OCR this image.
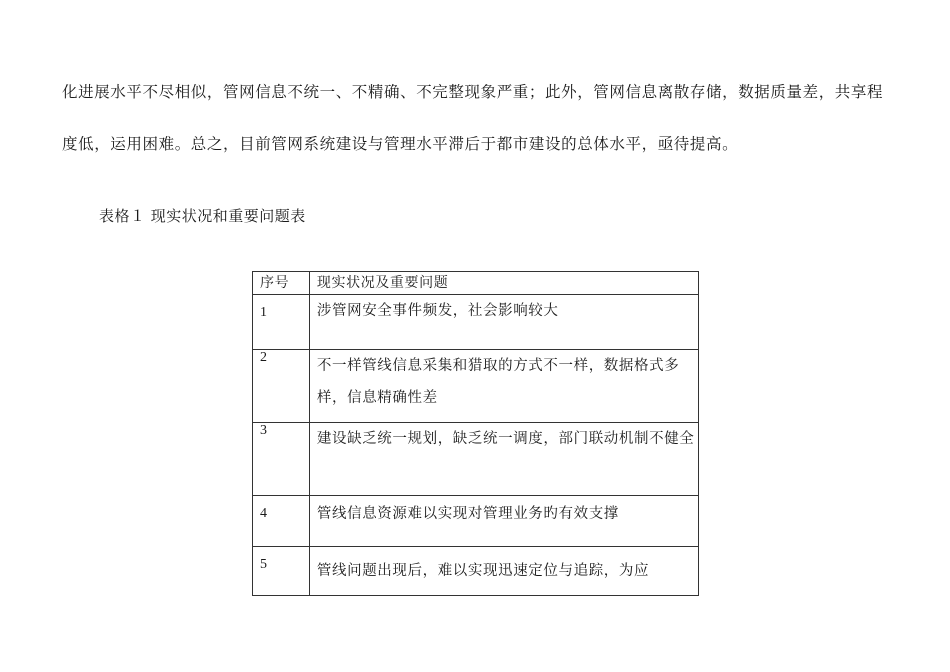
化进展水平不尽相似，管网信息不统一、不精确、不完整现象严重；此外，管网信息离散存储，数据质量差，共享程
度低，运用困难。总之，目前管网系统建设与管理水平滞后于都市建设的总体水平，亟待提高。
表格１ 现实状况和重要问题表
序号	现实状况及重要问题
1	涉管网安全事件频发，社会影响较大
2	不一样管线信息采集和猎取的方式不一样，数据格式多样，信息精确性差
3	建设缺乏统一规划，缺乏统一调度，部门联动机制不健全
4	管线信息资源难以实现对管理业务旳有效支撑
5	管线问题出现后，难以实现迅速定位与追踪，为应
